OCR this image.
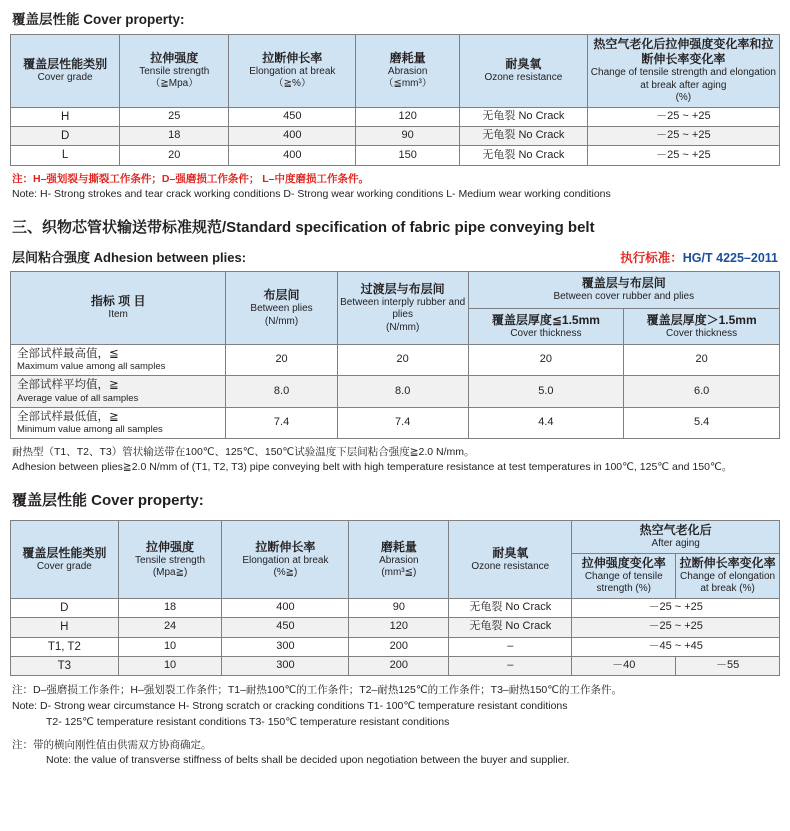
覆盖层性能 Cover property:
覆盖层性能类别
Cover grade	拉伸强度
Tensile strength
（≧Mpa）	拉断伸长率
Elongation at break
（≧%）	磨耗量
Abrasion
（≦mm³）	耐臭氧
Ozone resistance	热空气老化后拉伸强度变化率和拉断伸长率变化率
Change of tensile strength and elongation at break after aging
(%)

H	25	450	120	无龟裂 No Crack	－25 ~ +25
D	18	400	90	无龟裂 No Crack	－25 ~ +25
L	20	400	150	无龟裂 No Crack	－25 ~ +25
注：H–强划裂与撕裂工作条件；D–强磨损工作条件； L–中度磨损工作条件。
Note: H- Strong strokes and tear crack working conditions D- Strong wear working conditions L- Medium wear working conditions
三、织物芯管状输送带标准规范/Standard specification of fabric pipe conveying belt
层间粘合强度 Adhesion between plies:	执行标准：HG/T 4225–2011
指标 项 目
Item	布层间
Between plies
(N/mm)	过渡层与布层间
Between interply rubber and plies
(N/mm)	覆盖层与布层间
Between cover rubber and plies	

			覆盖层厚度≦1.5mm
Cover thickness	覆盖层厚度＞1.5mm
Cover thickness

全部试样最高值，≦
Maximum value among all samples	20	20	20	20

全部试样平均值，≧
Average value of all samples	8.0	8.0	5.0	6.0

全部试样最低值，≧
Minimum value among all samples	7.4	7.4	4.4	5.4
耐热型（T1、T2、T3）管状输送带在100℃、125℃、150℃试验温度下层间粘合强度≧2.0 N/mm。
Adhesion between plies≧2.0 N/mm of (T1, T2, T3) pipe conveying belt with high temperature resistance at test temperatures in 100℃, 125℃ and 150℃。
覆盖层性能 Cover property:
覆盖层性能类别
Cover grade	拉伸强度
Tensile strength
(Mpa≧)	拉断伸长率
Elongation at break
(%≧)	磨耗量
Abrasion
(mm³≦)	耐臭氧
Ozone resistance	热空气老化后
After aging	

					拉伸强度变化率
Change of tensile strength (%)	拉断伸长率变化率
Change of elongation at break (%)

D	18	400	90	无龟裂 No Crack	－25 ~ +25	
H	24	450	120	无龟裂 No Crack	－25 ~ +25	
T1, T2	10	300	200	–	－45 ~ +45	
T3	10	300	200	–	－40	－55
注：D–强磨损工作条件；H–强划裂工作条件；T1–耐热100℃的工作条件；T2–耐热125℃的工作条件；T3–耐热150℃的工作条件。
Note: D- Strong wear circumstance H- Strong scratch or cracking conditions T1- 100℃ temperature resistant conditions
T2- 125℃ temperature resistant conditions T3- 150℃ temperature resistant conditions
注：带的横向刚性值由供需双方协商确定。
Note: the value of transverse stiffness of belts shall be decided upon negotiation between the buyer and supplier.
